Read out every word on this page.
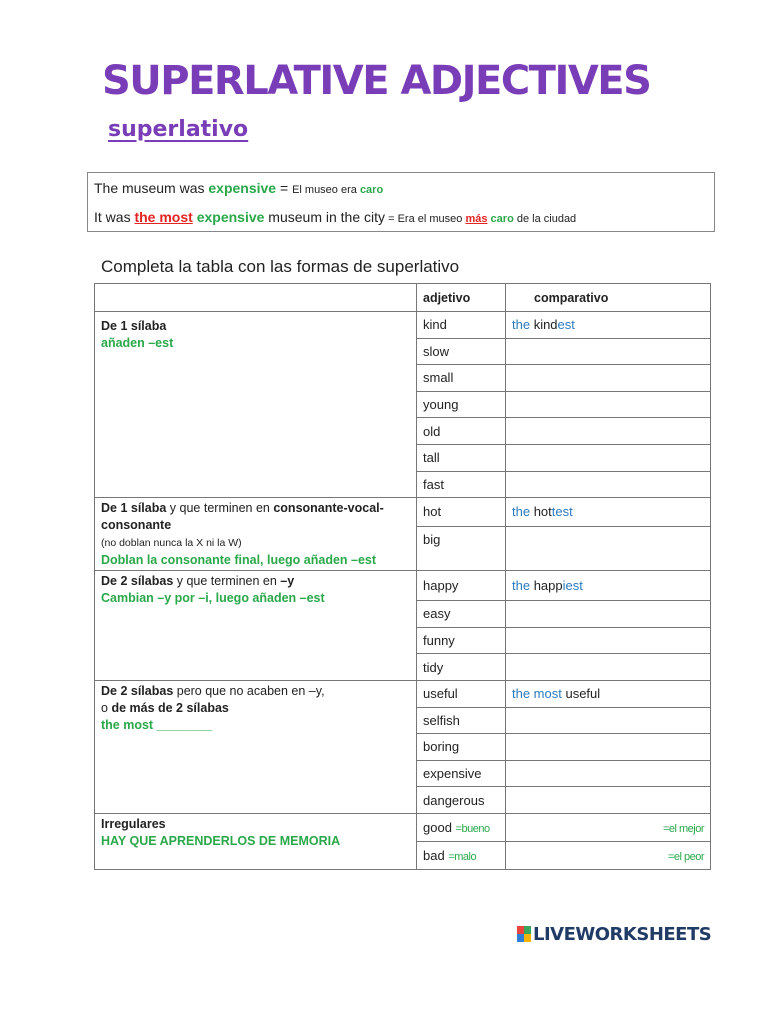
SUPERLATIVE ADJECTIVES
superlativo
The museum was expensive = El museo era caro
It was the most expensive museum in the city = Era el museo más caro de la ciudad

Completa la tabla con las formas de superlativo

	adjetivo	comparativo
De 1 sílaba
añaden –est	kind	the kindest
	slow	
	small	
	young	
	old	
	tall	
	fast	
De 1 sílaba y que terminen en consonante-vocal-consonante
(no doblan nunca la X ni la W)
Doblan la consonante final, luego añaden –est	hot	the hottest
	big	
De 2 sílabas y que terminen en –y
Cambian –y por –i, luego añaden –est	happy	the happiest
	easy	
	funny	
	tidy	
De 2 sílabas pero que no acaben en –y,
o de más de 2 sílabas
the most ________	useful	the most useful
	selfish	
	boring	
	expensive	
	dangerous	
Irregulares
HAY QUE APRENDERLOS DE MEMORIA	good =bueno	=el mejor
	bad =malo	=el peor
LIVEWORKSHEETS
